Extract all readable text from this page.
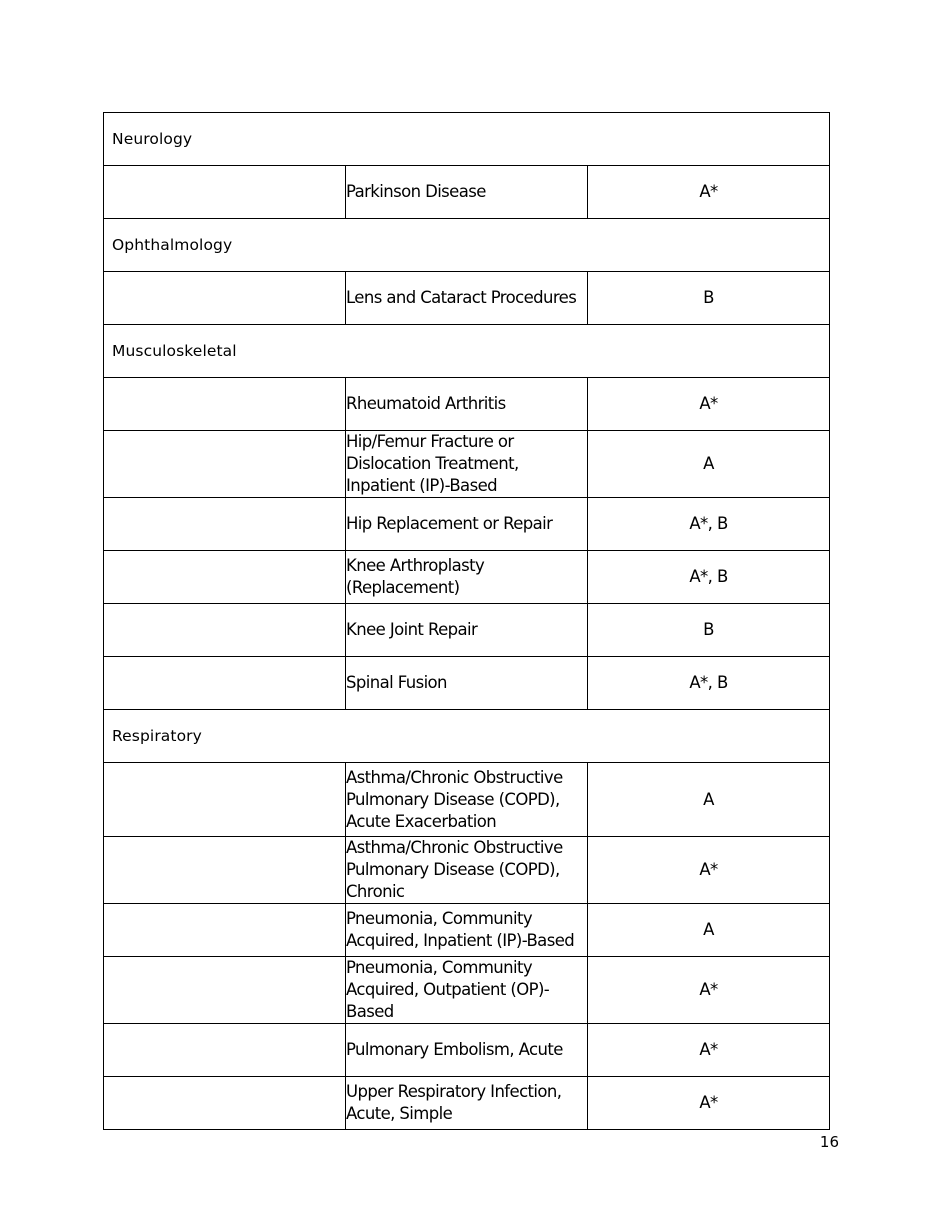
Neurology		
	Parkinson Disease	A*
Ophthalmology		
	Lens and Cataract Procedures	B
Musculoskeletal		
	Rheumatoid Arthritis	A*
	Hip/Femur Fracture or Dislocation Treatment, Inpatient (IP)-Based	A
	Hip Replacement or Repair	A*, B
	Knee Arthroplasty (Replacement)	A*, B
	Knee Joint Repair	B
	Spinal Fusion	A*, B
Respiratory		
	Asthma/Chronic Obstructive Pulmonary Disease (COPD), Acute Exacerbation	A
	Asthma/Chronic Obstructive Pulmonary Disease (COPD), Chronic	A*
	Pneumonia, Community Acquired, Inpatient (IP)-Based	A
	Pneumonia, Community Acquired, Outpatient (OP)-Based	A*
	Pulmonary Embolism, Acute	A*
	Upper Respiratory Infection, Acute, Simple	A*
16
